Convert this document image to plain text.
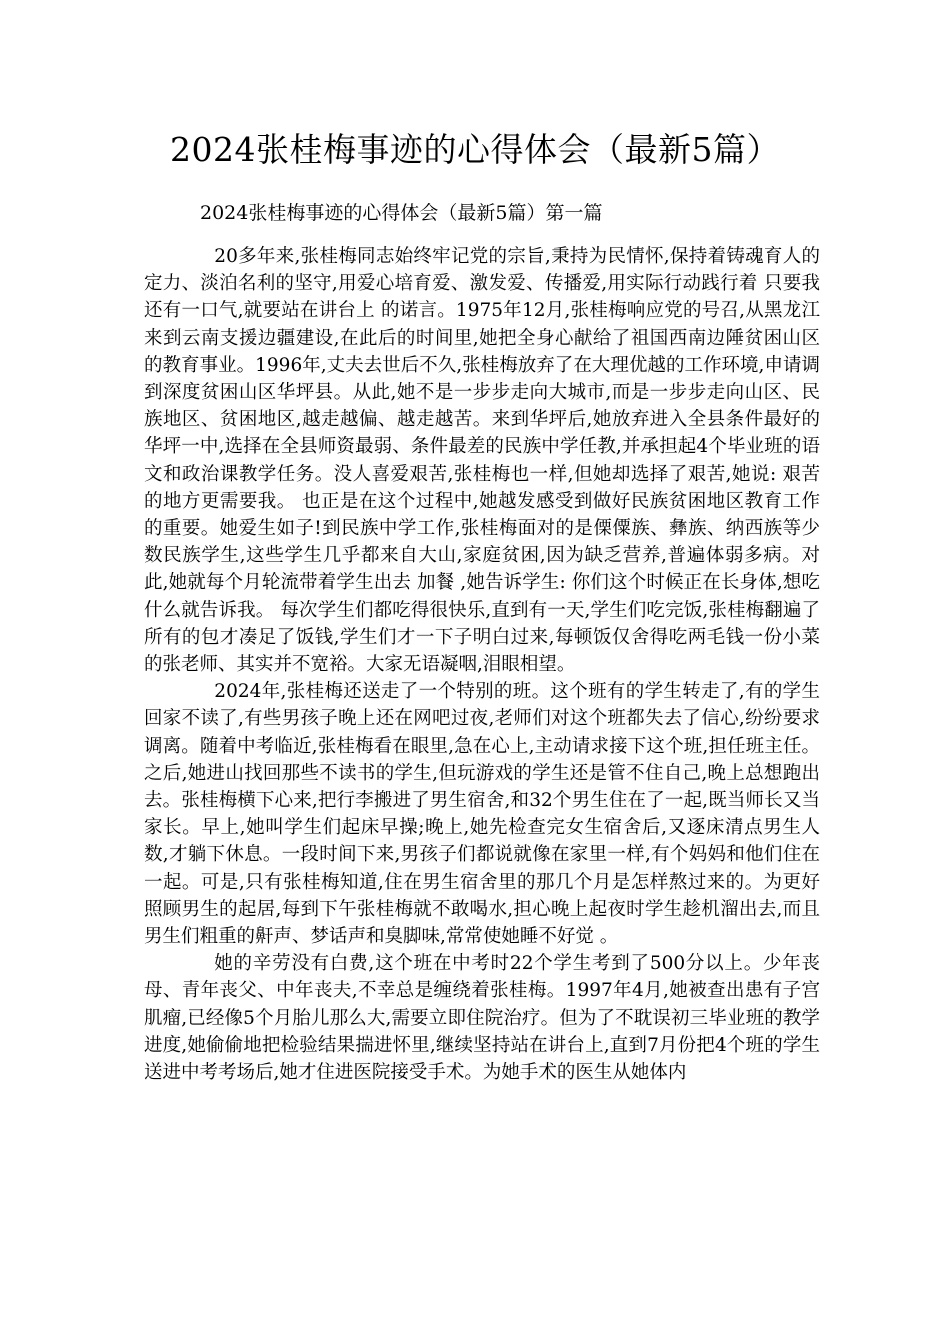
2024张桂梅事迹的心得体会（最新5篇）
2024张桂梅事迹的心得体会（最新5篇）第一篇

20多年来,张桂梅同志始终牢记党的宗旨,秉持为民情怀,保持着铸魂育人的定力、淡泊名利的坚守,用爱心培育爱、激发爱、传播爱,用实际行动践行着 只要我还有一口气,就要站在讲台上 的诺言。1975年12月,张桂梅响应党的号召,从黑龙江来到云南支援边疆建设,在此后的时间里,她把全身心献给了祖国西南边陲贫困山区的教育事业。1996年,丈夫去世后不久,张桂梅放弃了在大理优越的工作环境,申请调到深度贫困山区华坪县。从此,她不是一步步走向大城市,而是一步步走向山区、民族地区、贫困地区,越走越偏、越走越苦。来到华坪后,她放弃进入全县条件最好的华坪一中,选择在全县师资最弱、条件最差的民族中学任教,并承担起4个毕业班的语文和政治课教学任务。没人喜爱艰苦,张桂梅也一样,但她却选择了艰苦,她说: 艰苦的地方更需要我。 也正是在这个过程中,她越发感受到做好民族贫困地区教育工作的重要。她爱生如子!到民族中学工作,张桂梅面对的是傈僳族、彝族、纳西族等少数民族学生,这些学生几乎都来自大山,家庭贫困,因为缺乏营养,普遍体弱多病。对此,她就每个月轮流带着学生出去 加餐 ,她告诉学生: 你们这个时候正在长身体,想吃什么就告诉我。 每次学生们都吃得很快乐,直到有一天,学生们吃完饭,张桂梅翻遍了所有的包才凑足了饭钱,学生们才一下子明白过来,每顿饭仅舍得吃两毛钱一份小菜的张老师、其实并不宽裕。大家无语凝咽,泪眼相望。

2024年,张桂梅还送走了一个特别的班。这个班有的学生转走了,有的学生回家不读了,有些男孩子晚上还在网吧过夜,老师们对这个班都失去了信心,纷纷要求调离。随着中考临近,张桂梅看在眼里,急在心上,主动请求接下这个班,担任班主任。之后,她进山找回那些不读书的学生,但玩游戏的学生还是管不住自己,晚上总想跑出去。张桂梅横下心来,把行李搬进了男生宿舍,和32个男生住在了一起,既当师长又当家长。早上,她叫学生们起床早操;晚上,她先检查完女生宿舍后,又逐床清点男生人数,才躺下休息。一段时间下来,男孩子们都说就像在家里一样,有个妈妈和他们住在一起。可是,只有张桂梅知道,住在男生宿舍里的那几个月是怎样熬过来的。为更好照顾男生的起居,每到下午张桂梅就不敢喝水,担心晚上起夜时学生趁机溜出去,而且男生们粗重的鼾声、梦话声和臭脚味,常常使她睡不好觉 。

她的辛劳没有白费,这个班在中考时22个学生考到了500分以上。少年丧母、青年丧父、中年丧夫,不幸总是缠绕着张桂梅。1997年4月,她被查出患有子宫肌瘤,已经像5个月胎儿那么大,需要立即住院治疗。但为了不耽误初三毕业班的教学进度,她偷偷地把检验结果揣进怀里,继续坚持站在讲台上,直到7月份把4个班的学生送进中考考场后,她才住进医院接受手术。为她手术的医生从她体内
